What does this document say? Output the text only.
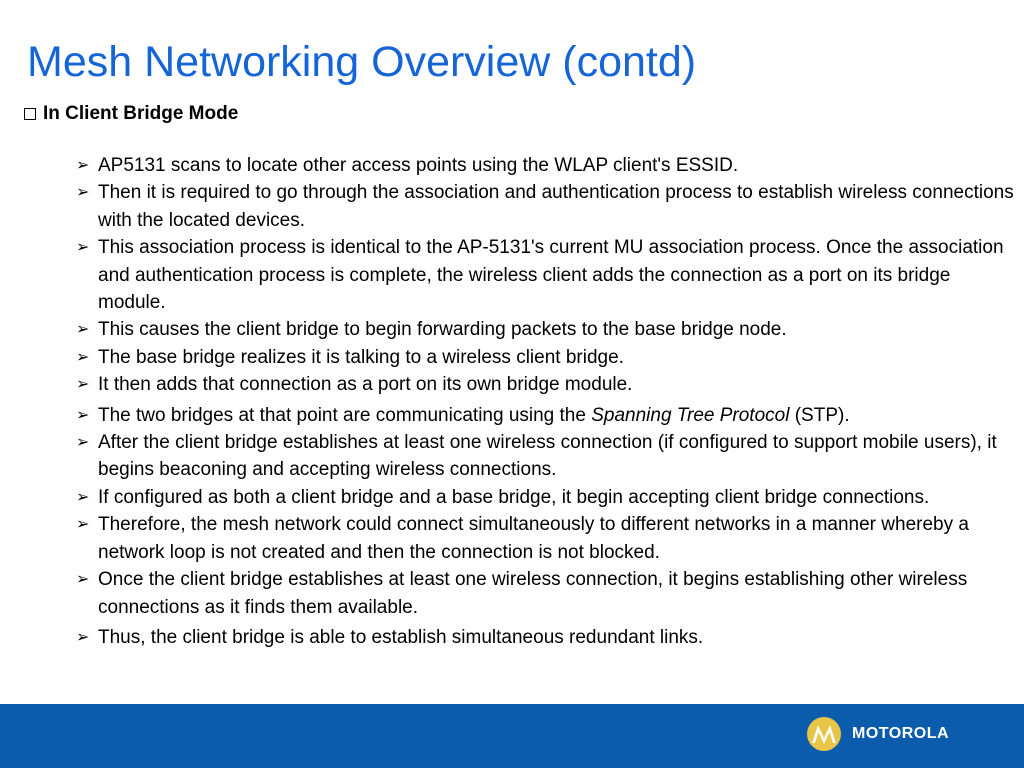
Mesh Networking Overview (contd)
In Client Bridge Mode
➢ AP5131 scans to locate other access points using the WLAP client's ESSID.
➢ Then it is required to go through the association and authentication process to establish wireless connections with the located devices.
➢ This association process is identical to the AP-5131's current MU association process. Once the association and authentication process is complete, the wireless client adds the connection as a port on its bridge module.
➢ This causes the client bridge to begin forwarding packets to the base bridge node.
➢ The base bridge realizes it is talking to a wireless client bridge.
➢ It then adds that connection as a port on its own bridge module.
➢ The two bridges at that point are communicating using the Spanning Tree Protocol (STP).
➢ After the client bridge establishes at least one wireless connection (if configured to support mobile users), it begins beaconing and accepting wireless connections.
➢ If configured as both a client bridge and a base bridge, it begin accepting client bridge connections.
➢ Therefore, the mesh network could connect simultaneously to different networks in a manner whereby a network loop is not created and then the connection is not blocked.
➢ Once the client bridge establishes at least one wireless connection, it begins establishing other wireless connections as it finds them available.
➢ Thus, the client bridge is able to establish simultaneous redundant links.
MOTOROLA
